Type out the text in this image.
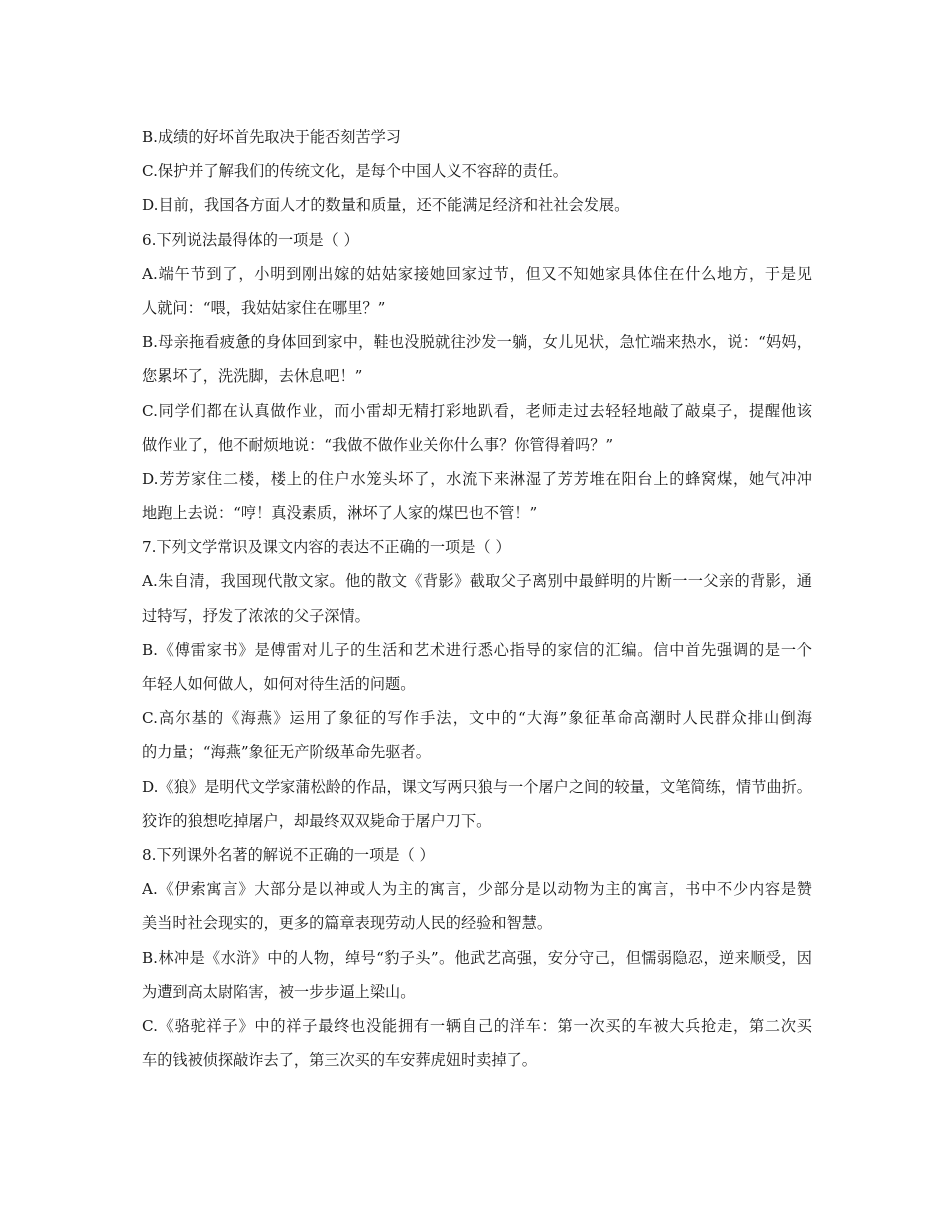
B.成绩的好坏首先取决于能否刻苦学习

C.保护并了解我们的传统文化，是每个中国人义不容辞的责任。

D.目前，我国各方面人才的数量和质量，还不能满足经济和社社会发展。

6.下列说法最得体的一项是（ ）

A.端午节到了，小明到刚出嫁的姑姑家接她回家过节，但又不知她家具体住在什么地方，于是见

人就问：“喂，我姑姑家住在哪里？”

B.母亲拖看疲惫的身体回到家中，鞋也没脱就往沙发一躺，女儿见状，急忙端来热水，说：“妈妈，

您累坏了，洗洗脚，去休息吧！”

C.同学们都在认真做作业，而小雷却无精打彩地趴看，老师走过去轻轻地敲了敲桌子，提醒他该

做作业了，他不耐烦地说：“我做不做作业关你什么事？你管得着吗？”

D.芳芳家住二楼，楼上的住户水笼头坏了，水流下来淋湿了芳芳堆在阳台上的蜂窝煤，她气冲冲

地跑上去说：“哼！真没素质，淋坏了人家的煤巴也不管！”

7.下列文学常识及课文内容的表达不正确的一项是（ ）

A.朱自清，我国现代散文家。他的散文《背影》截取父子离别中最鲜明的片断一一父亲的背影，通

过特写，抒发了浓浓的父子深情。

B.《傅雷家书》是傅雷对儿子的生活和艺术进行悉心指导的家信的汇编。信中首先强调的是一个

年轻人如何做人，如何对待生活的问题。

C.高尔基的《海燕》运用了象征的写作手法，文中的“大海”象征革命高潮时人民群众排山倒海

的力量；“海燕”象征无产阶级革命先驱者。

D.《狼》是明代文学家蒲松龄的作品，课文写两只狼与一个屠户之间的较量，文笔简练，情节曲折。

狡诈的狼想吃掉屠户，却最终双双毙命于屠户刀下。

8.下列课外名著的解说不正确的一项是（ ）

A.《伊索寓言》大部分是以神或人为主的寓言，少部分是以动物为主的寓言，书中不少内容是赞

美当时社会现实的，更多的篇章表现劳动人民的经验和智慧。

B.林冲是《水浒》中的人物，绰号“豹子头”。他武艺高强，安分守己，但懦弱隐忍，逆来顺受，因

为遭到高太尉陷害，被一步步逼上梁山。

C.《骆驼祥子》中的祥子最终也没能拥有一辆自己的洋车：第一次买的车被大兵抢走，第二次买

车的钱被侦探敲诈去了，第三次买的车安葬虎妞时卖掉了。
